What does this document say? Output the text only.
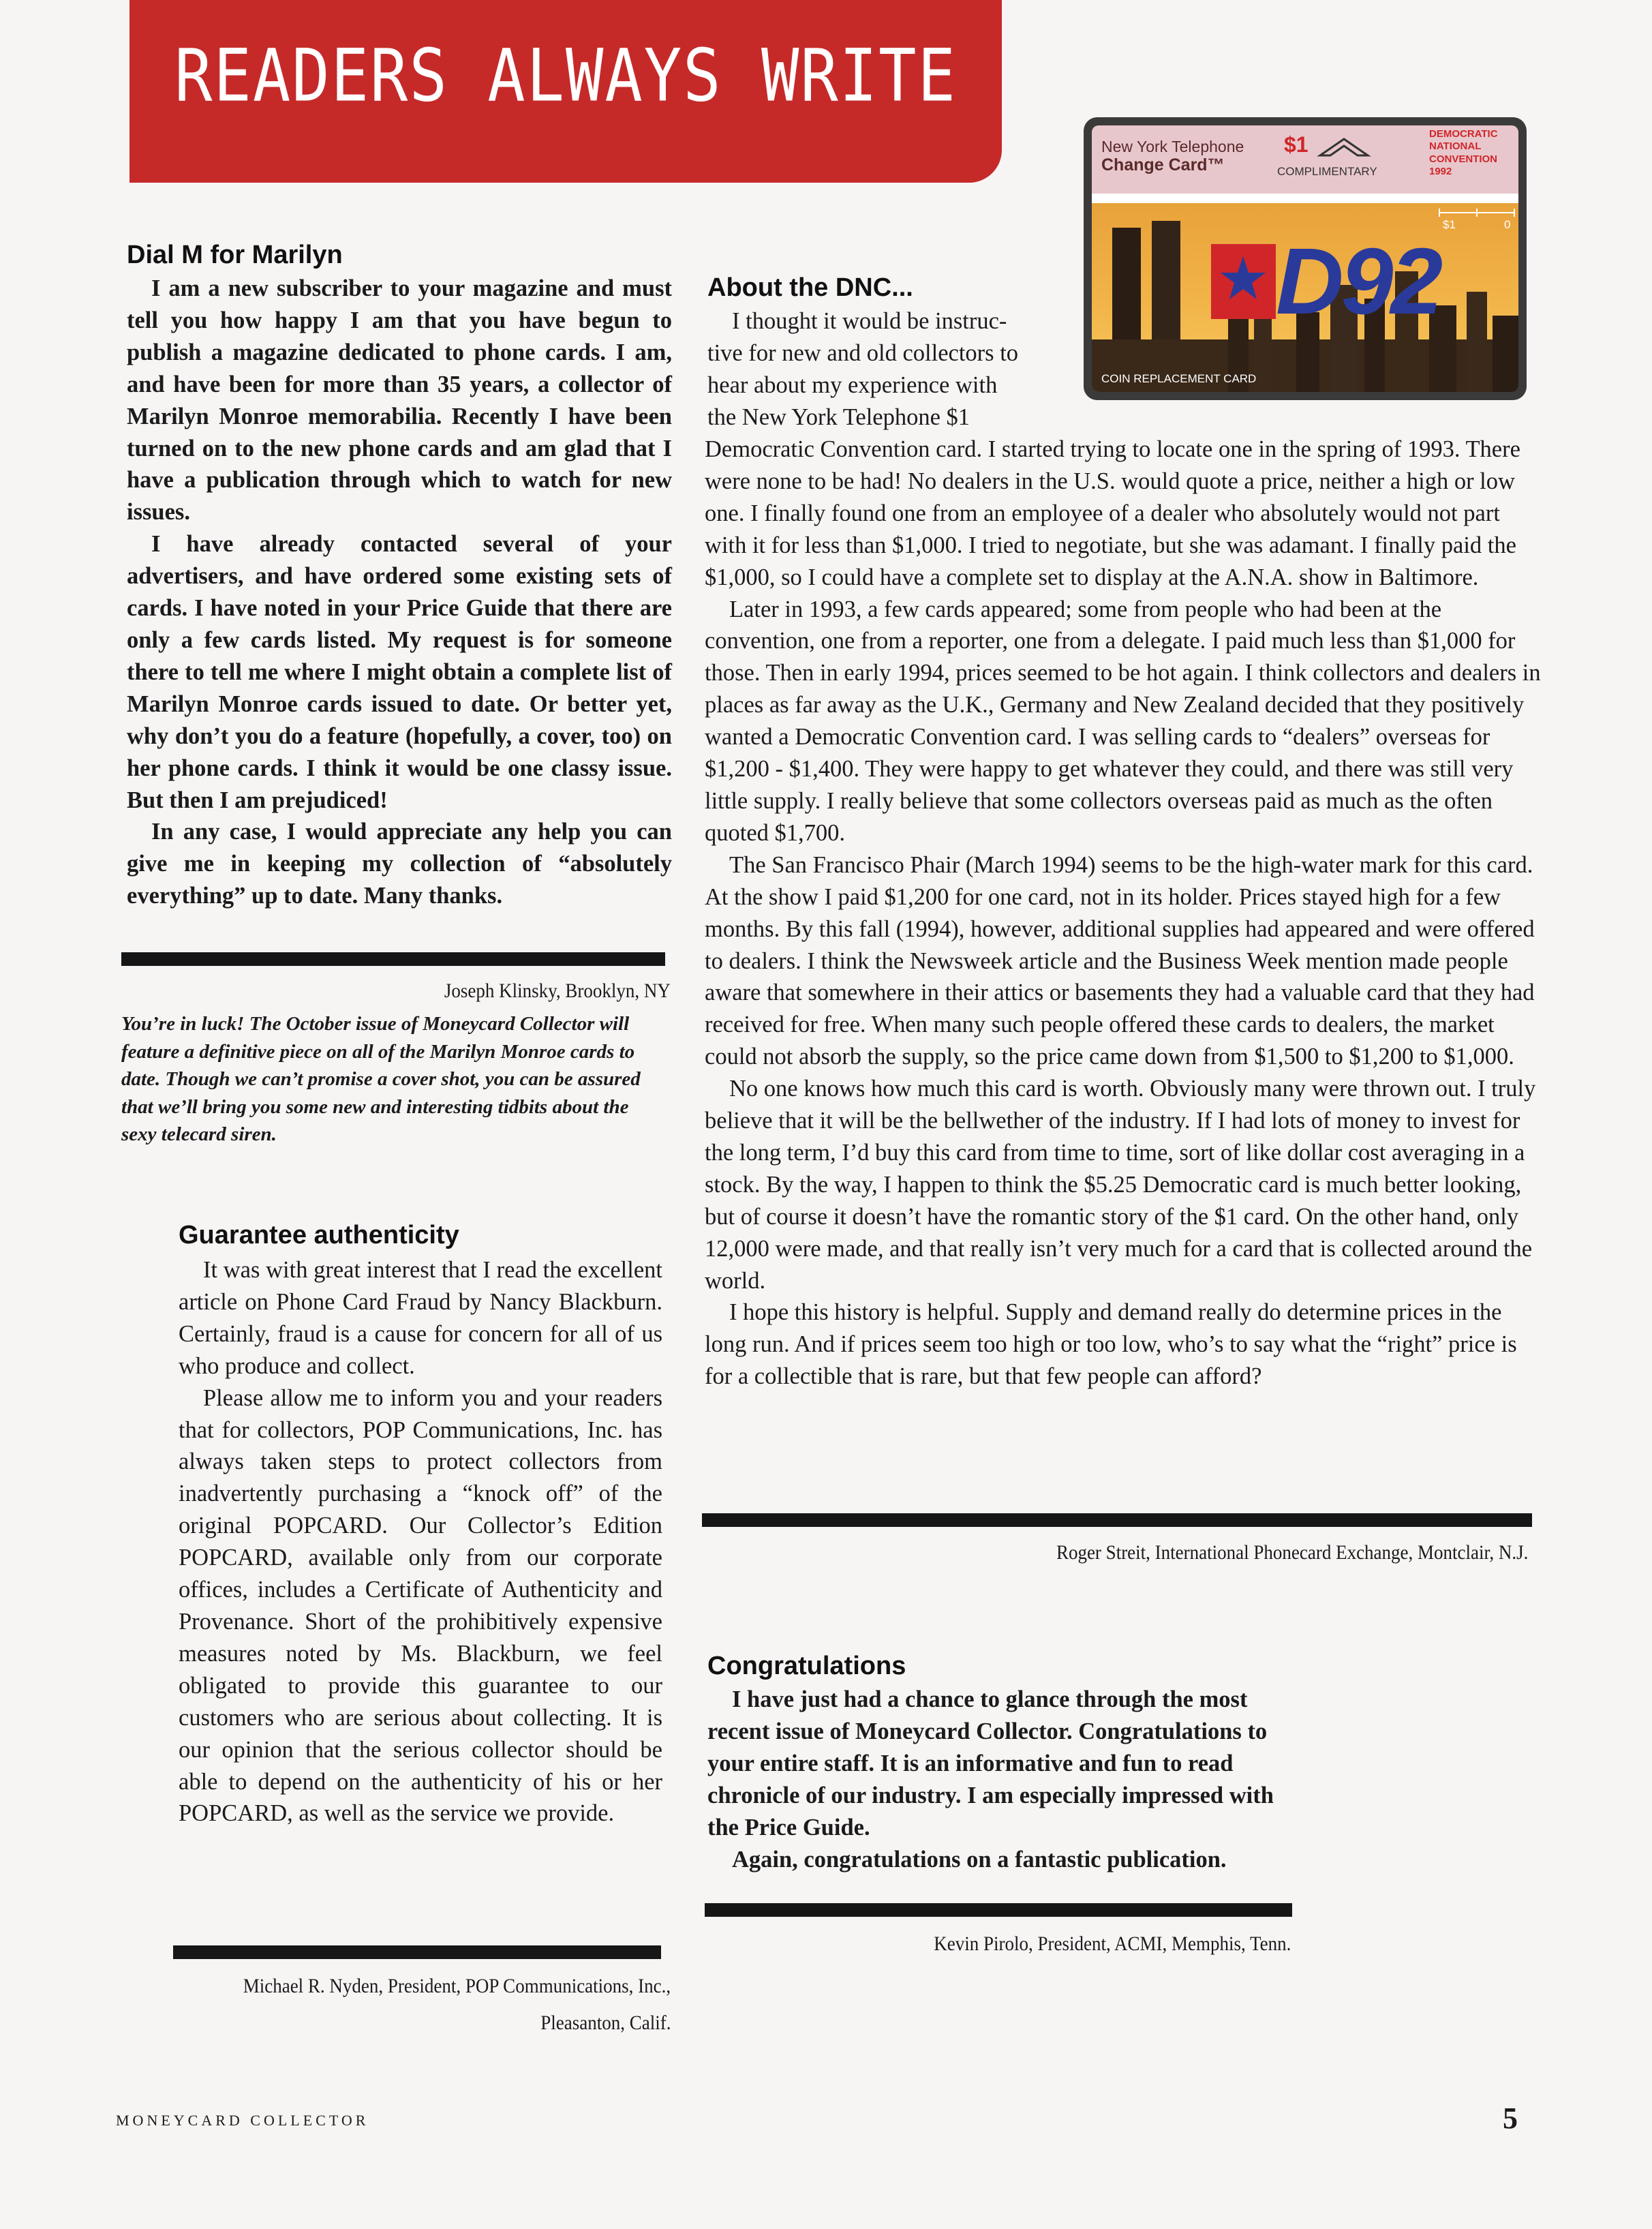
READERS ALWAYS WRITE
New York Telephone
Change Card™
$1
COMPLIMENTARY
DEMOCRATIC
NATIONAL
CONVENTION
1992
D92
$1	0
COIN REPLACEMENT CARD
Dial M for Marilyn

I am a new subscriber to your magazine and must tell you how happy I am that you have begun to publish a magazine dedicated to phone cards. I am, and have been for more than 35 years, a collector of Marilyn Monroe memorabilia. Recently I have been turned on to the new phone cards and am glad that I have a publication through which to watch for new issues.

I have already contacted several of your advertisers, and have ordered some existing sets of cards. I have noted in your Price Guide that there are only a few cards listed. My request is for someone there to tell me where I might obtain a complete list of Marilyn Monroe cards issued to date. Or better yet, why don’t you do a feature (hopefully, a cover, too) on her phone cards. I think it would be one classy issue. But then I am prejudiced!

In any case, I would appreciate any help you can give me in keeping my collection of “absolutely everything” up to date. Many thanks.

Joseph Klinsky, Brooklyn, NY
You’re in luck! The October issue of Moneycard Collector will feature a definitive piece on all of the Marilyn Monroe cards to date. Though we can’t promise a cover shot, you can be assured that we’ll bring you some new and interesting tidbits about the sexy telecard siren.
Guarantee authenticity

It was with great interest that I read the excellent article on Phone Card Fraud by Nancy Blackburn. Certainly, fraud is a cause for concern for all of us who produce and collect.

Please allow me to inform you and your readers that for collectors, POP Communications, Inc. has always taken steps to protect collectors from inadvertently purchasing a “knock off” of the original POPCARD. Our Collector’s Edition POPCARD, available only from our corporate offices, includes a Certificate of Authenticity and Provenance. Short of the prohibitively expensive measures noted by Ms. Blackburn, we feel obligated to provide this guarantee to our customers who are serious about collecting. It is our opinion that the serious collector should be able to depend on the authenticity of his or her POPCARD, as well as the service we provide.

Michael R. Nyden, President, POP Communications, Inc.,
Pleasanton, Calif.
About the DNC...

I thought it would be instruc-

tive for new and old collectors to

hear about my experience with

the New York Telephone $1

Democratic Convention card. I started trying to locate one in the spring of 1993. There were none to be had! No dealers in the U.S. would quote a price, neither a high or low one. I finally found one from an employee of a dealer who absolutely would not part with it for less than $1,000. I tried to negotiate, but she was adamant. I finally paid the $1,000, so I could have a complete set to display at the A.N.A. show in Baltimore.

Later in 1993, a few cards appeared; some from people who had been at the convention, one from a reporter, one from a delegate. I paid much less than $1,000 for those. Then in early 1994, prices seemed to be hot again. I think collectors and dealers in places as far away as the U.K., Germany and New Zealand decided that they positively wanted a Democratic Convention card. I was selling cards to “dealers” overseas for $1,200 - $1,400. They were happy to get whatever they could, and there was still very little supply. I really believe that some collectors overseas paid as much as the often quoted $1,700.

The San Francisco Phair (March 1994) seems to be the high-water mark for this card. At the show I paid $1,200 for one card, not in its holder. Prices stayed high for a few months. By this fall (1994), however, additional supplies had appeared and were offered to dealers. I think the Newsweek article and the Business Week mention made people aware that somewhere in their attics or basements they had a valuable card that they had received for free. When many such people offered these cards to dealers, the market could not absorb the supply, so the price came down from $1,500 to $1,200 to $1,000.

No one knows how much this card is worth. Obviously many were thrown out. I truly believe that it will be the bellwether of the industry. If I had lots of money to invest for the long term, I’d buy this card from time to time, sort of like dollar cost averaging in a stock. By the way, I happen to think the $5.25 Democratic card is much better looking, but of course it doesn’t have the romantic story of the $1 card. On the other hand, only 12,000 were made, and that really isn’t very much for a card that is collected around the world.

I hope this history is helpful. Supply and demand really do determine prices in the long run. And if prices seem too high or too low, who’s to say what the “right” price is for a collectible that is rare, but that few people can afford?

Roger Streit, International Phonecard Exchange, Montclair, N.J.
Congratulations

I have just had a chance to glance through the most recent issue of Moneycard Collector. Congratulations to your entire staff. It is an informative and fun to read chronicle of our industry. I am especially impressed with the Price Guide.

Again, congratulations on a fantastic publication.

Kevin Pirolo, President, ACMI, Memphis, Tenn.
MONEYCARD COLLECTOR	5
